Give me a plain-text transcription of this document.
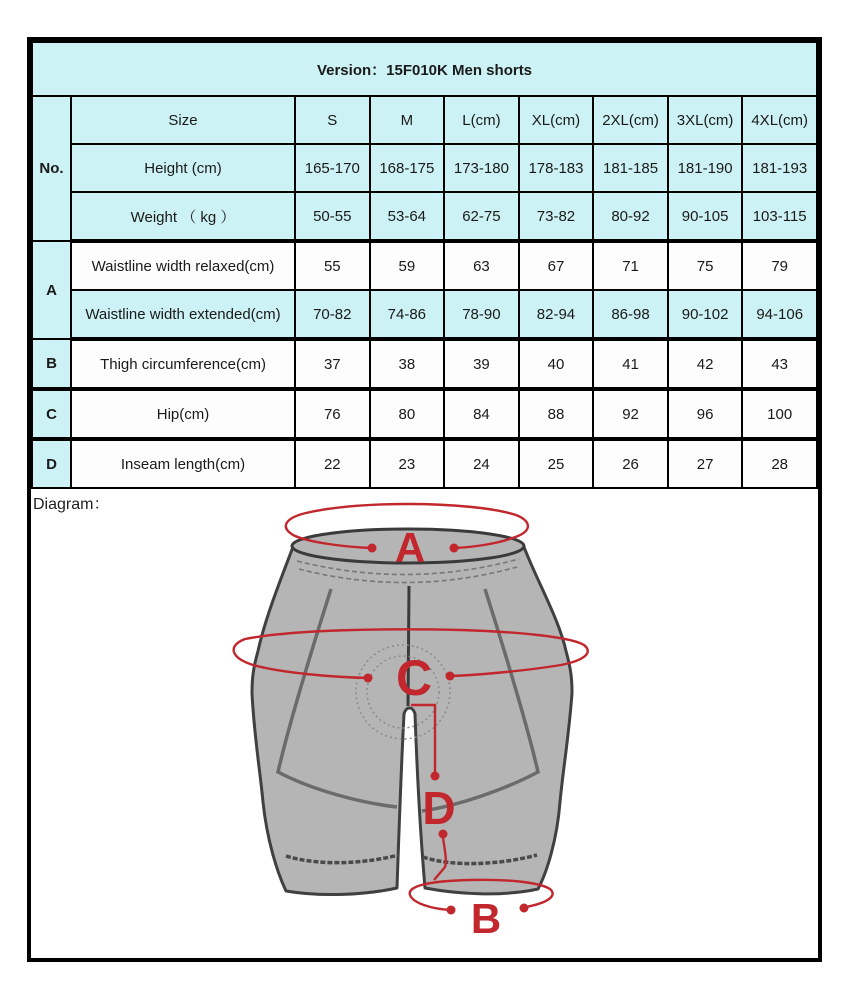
Version：15F010K Men shorts								
No.	Size	S	M	L(cm)	XL(cm)	2XL(cm)	3XL(cm)	4XL(cm)
	Height (cm)	165-170	168-175	173-180	178-183	181-185	181-190	181-193
	Weight （ kg ）	50-55	53-64	62-75	73-82	80-92	90-105	103-115
A	Waistline width relaxed(cm)	55	59	63	67	71	75	79
	Waistline width extended(cm)	70-82	74-86	78-90	82-94	86-98	90-102	94-106
B	Thigh circumference(cm)	37	38	39	40	41	42	43
C	Hip(cm)	76	80	84	88	92	96	100
D	Inseam length(cm)	22	23	24	25	26	27	28
Diagram：
A
C
D
B
